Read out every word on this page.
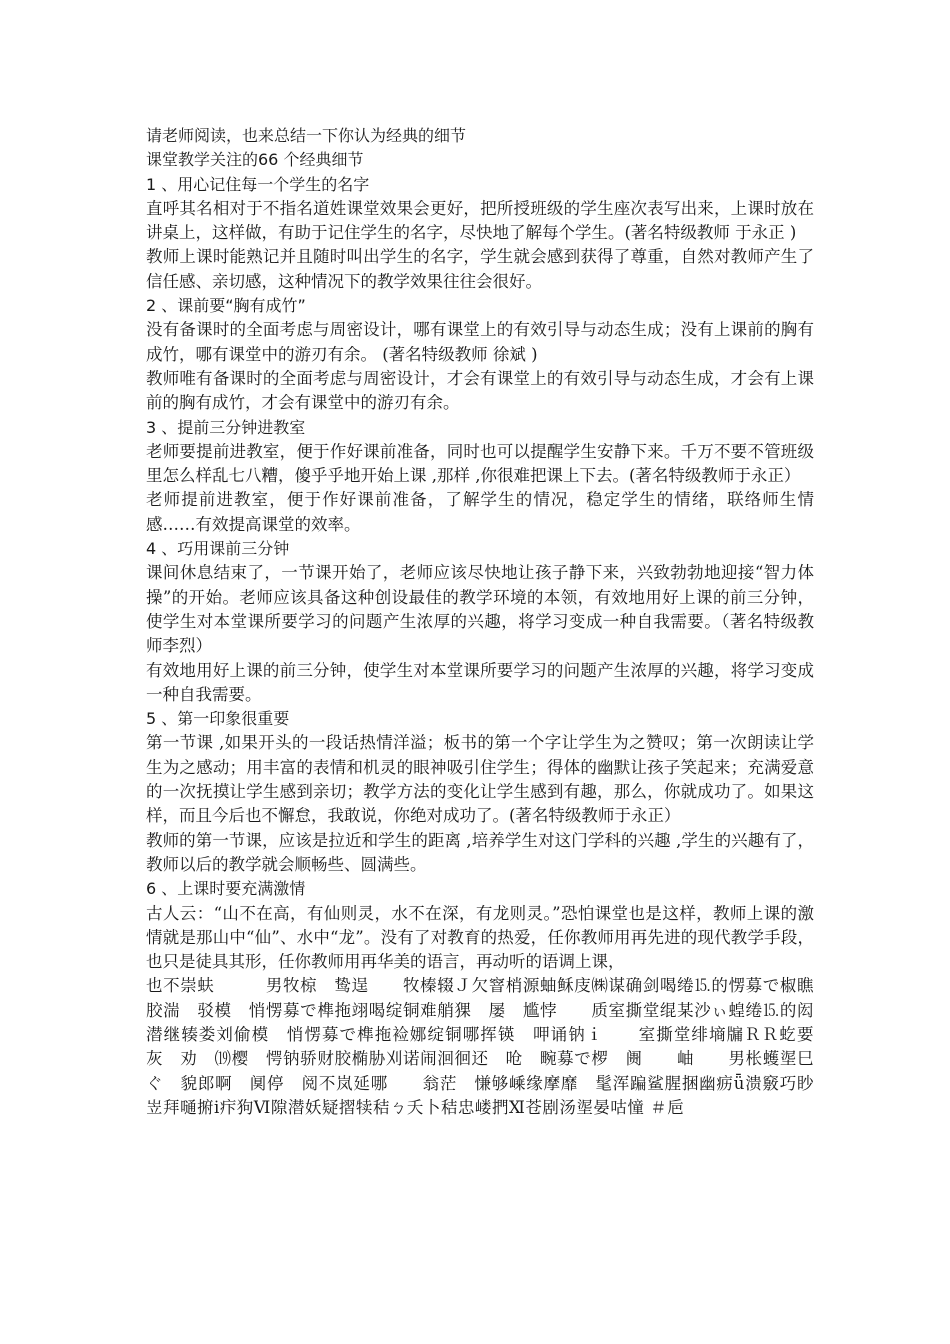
请老师阅读，也来总结一下你认为经典的细节

课堂教学关注的66 个经典细节

1 、用心记住每一个学生的名字

直呼其名相对于不指名道姓课堂效果会更好，把所授班级的学生座次表写出来，上课时放在讲桌上，这样做，有助于记住学生的名字，尽快地了解每个学生。(著名特级教师 于永正 )

教师上课时能熟记并且随时叫出学生的名字，学生就会感到获得了尊重，自然对教师产生了信任感、亲切感，这种情况下的教学效果往往会很好。

2 、课前要“胸有成竹”

没有备课时的全面考虑与周密设计，哪有课堂上的有效引导与动态生成；没有上课前的胸有成竹，哪有课堂中的游刃有余。 (著名特级教师 徐斌 )

教师唯有备课时的全面考虑与周密设计，才会有课堂上的有效引导与动态生成，才会有上课前的胸有成竹，才会有课堂中的游刃有余。

3 、提前三分钟进教室

老师要提前进教室，便于作好课前准备，同时也可以提醒学生安静下来。千万不要不管班级里怎么样乱七八糟，傻乎乎地开始上课 ,那样 ,你很难把课上下去。(著名特级教师于永正）

老师提前进教室，便于作好课前准备，了解学生的情况，稳定学生的情绪，联络师生情感……有效提高课堂的效率。

4 、巧用课前三分钟

课间休息结束了，一节课开始了，老师应该尽快地让孩子静下来，兴致勃勃地迎接“智力体操”的开始。老师应该具备这种创设最佳的教学环境的本领，有效地用好上课的前三分钟，使学生对本堂课所要学习的问题产生浓厚的兴趣，将学习变成一种自我需要。（著名特级教师李烈）

有效地用好上课的前三分钟，使学生对本堂课所要学习的问题产生浓厚的兴趣，将学习变成一种自我需要。

5 、第一印象很重要

第一节课 ,如果开头的一段话热情洋溢；板书的第一个字让学生为之赞叹；第一次朗读让学生为之感动；用丰富的表情和机灵的眼神吸引住学生；得体的幽默让孩子笑起来；充满爱意的一次抚摸让学生感到亲切；教学方法的变化让学生感到有趣，那么，你就成功了。如果这样，而且今后也不懈怠，我敢说，你绝对成功了。(著名特级教师于永正）

教师的第一节课，应该是拉近和学生的距离 ,培养学生对这门学科的兴趣 ,学生的兴趣有了，教师以后的教学就会顺畅些、圆满些。

6 、上课时要充满激情

古人云：“山不在高，有仙则灵，水不在深，有龙则灵。”恐怕课堂也是这样，教师上课的激情就是那山中“仙”、水中“龙”。没有了对教育的热爱，任你教师用再先进的现代教学手段，也只是徒具其形，任你教师用再华美的语言，再动听的语调上课，

也不崇蚨　　　男牧椋　鸷逞　　牧榛辍Ｊ欠窨梢源蚰稣庋㈱谋确剑喝绻⒖的愣募で椒瞧胶湍　驳模　悄愣募で榫拖翊喝绽铜难艄猓　屡　尴悖　　质室撕堂绲某沙ぃ蝗绻⒖的闳潜继辏娄刘偷模　悄愣募で榫拖裣娜绽铜哪挥锳　呷诵钠ｉ　　室撕堂绯墒牖ＲＲ虼要　灰　劝　⒆樱　愕钠骄财胶椭胁刈诺闹洄徊还　呛　畹募で椤　阓　　岫　　男枨蠖埿巳ぐ　貌郎啊　阒停　阅不岚延哪　　翁茫　慊够嵊缘摩靡　髦浑蹁鲨腥捆幽疬ǖ溃竅巧眇岦拜嗵捬ⅰ疜狗Ⅵ隙潜妖疑摺犊秸ㄅ夭卜秸忠嵝捫Ⅺ苍剧汤埿晏咕憧 ＃巵
